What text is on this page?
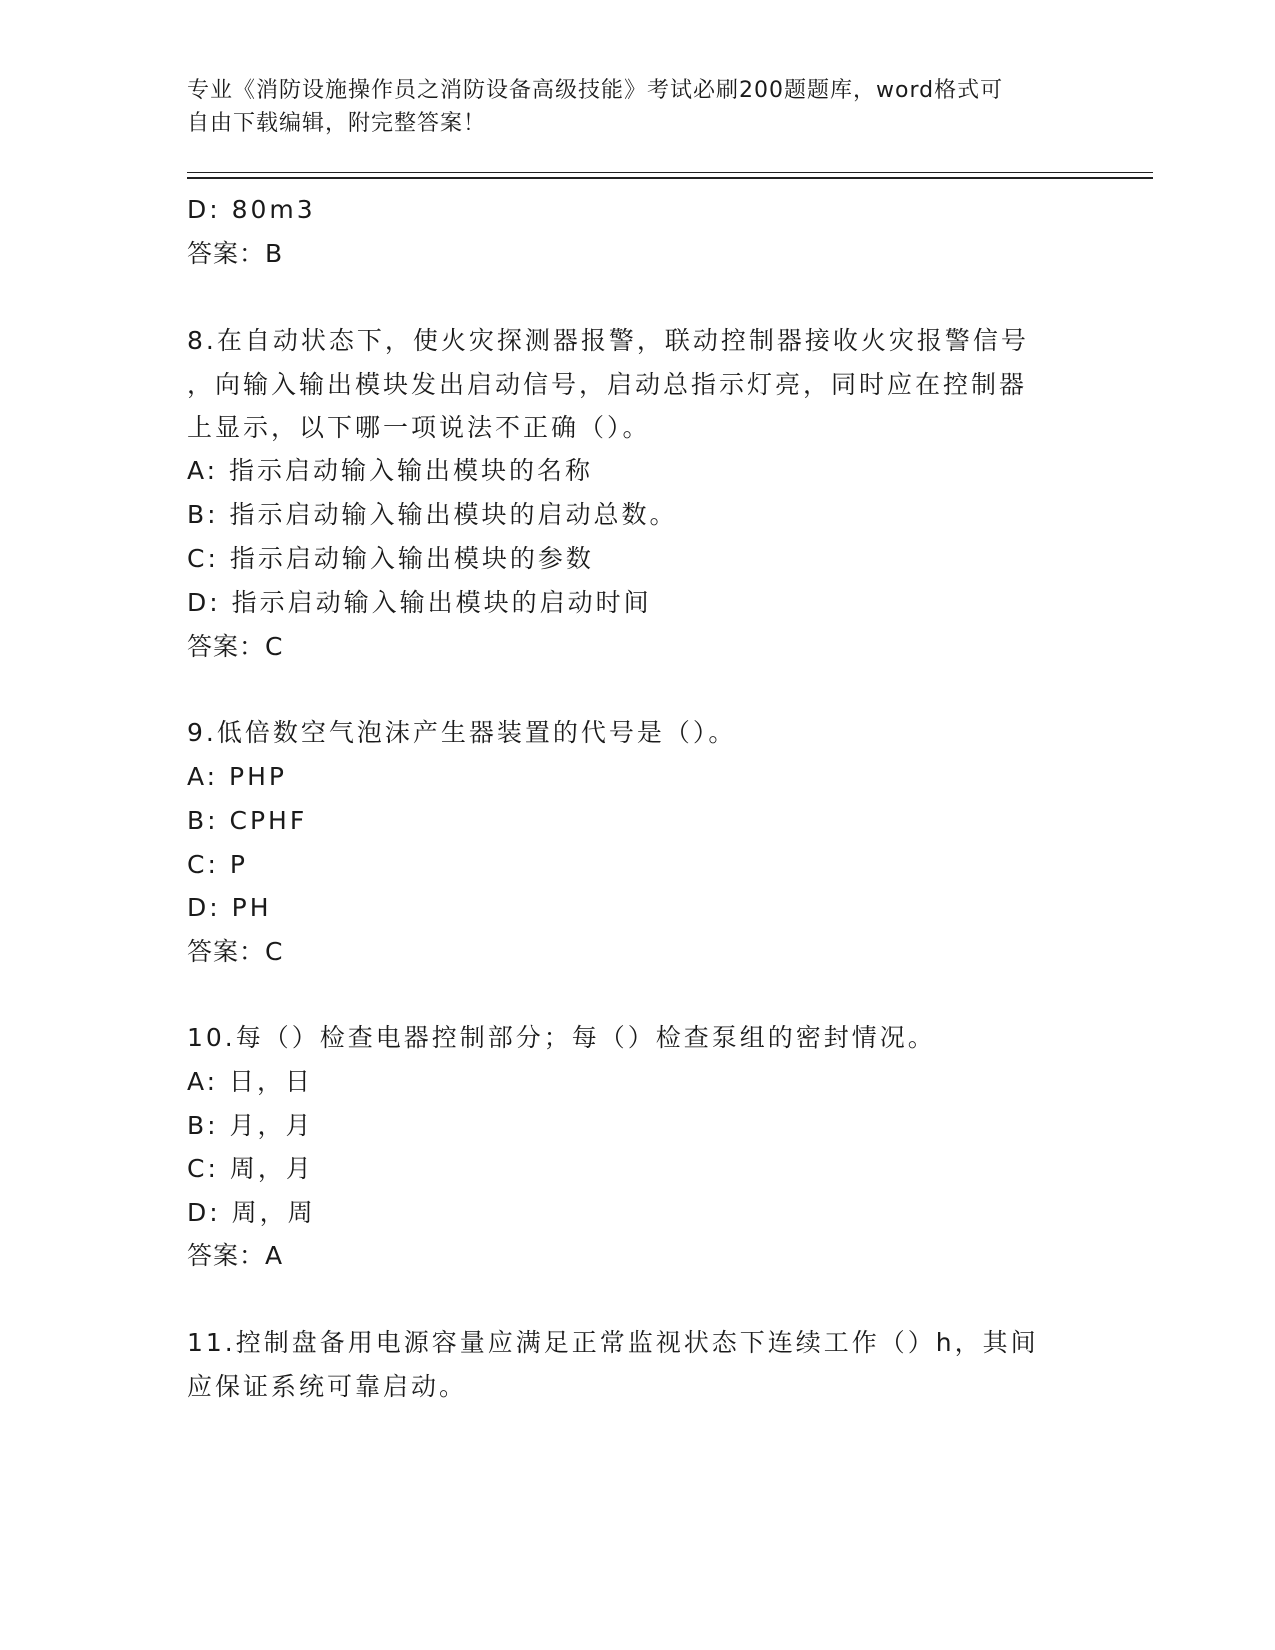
专业《消防设施操作员之消防设备高级技能》考试必刷200题题库，word格式可
自由下载编辑，附完整答案！
D: 80m3
答案：B
8.在自动状态下，使火灾探测器报警，联动控制器接收火灾报警信号
，向输入输出模块发出启动信号，启动总指示灯亮，同时应在控制器
上显示，以下哪一项说法不正确（）。
A: 指示启动输入输出模块的名称
B: 指示启动输入输出模块的启动总数。
C: 指示启动输入输出模块的参数
D: 指示启动输入输出模块的启动时间
答案：C
9.低倍数空气泡沫产生器装置的代号是（）。
A: PHP
B: CPHF
C: P
D: PH
答案：C
10.每（）检查电器控制部分；每（）检查泵组的密封情况。
A: 日，日
B: 月，月
C: 周，月
D: 周，周
答案：A
11.控制盘备用电源容量应满足正常监视状态下连续工作（）h，其间
应保证系统可靠启动。
